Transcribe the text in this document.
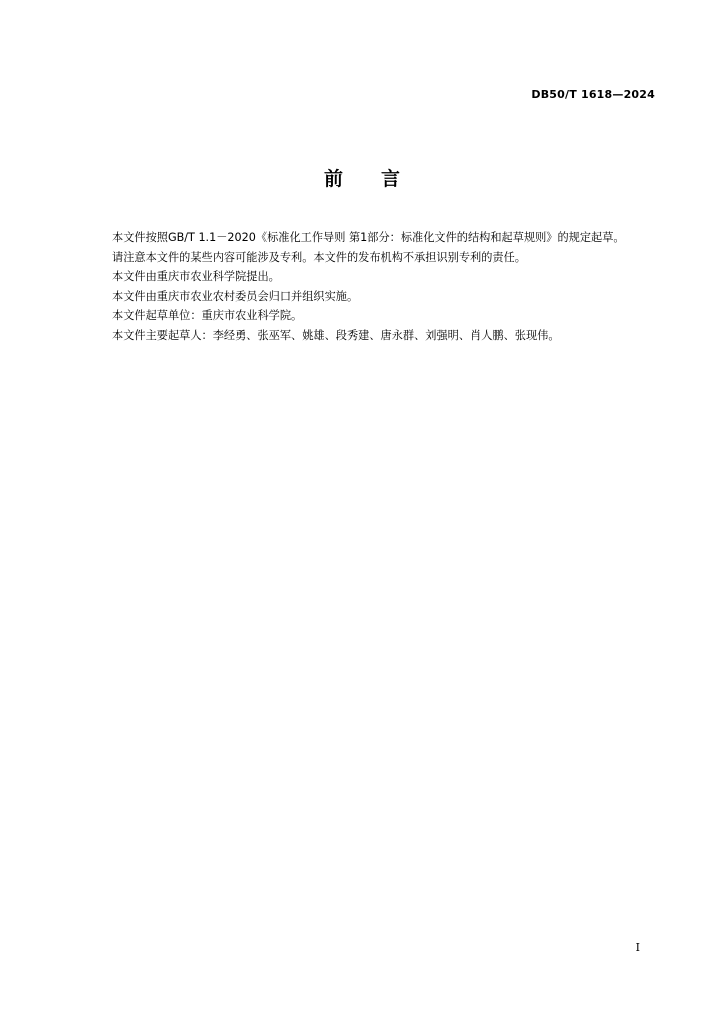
DB50/T 1618—2024
前　　言

本文件按照GB/T 1.1－2020《标准化工作导则 第1部分：标准化文件的结构和起草规则》的规定起草。

请注意本文件的某些内容可能涉及专利。本文件的发布机构不承担识别专利的责任。

本文件由重庆市农业科学院提出。

本文件由重庆市农业农村委员会归口并组织实施。

本文件起草单位：重庆市农业科学院。

本文件主要起草人：李经勇、张巫军、姚雄、段秀建、唐永群、刘强明、肖人鹏、张现伟。

I
